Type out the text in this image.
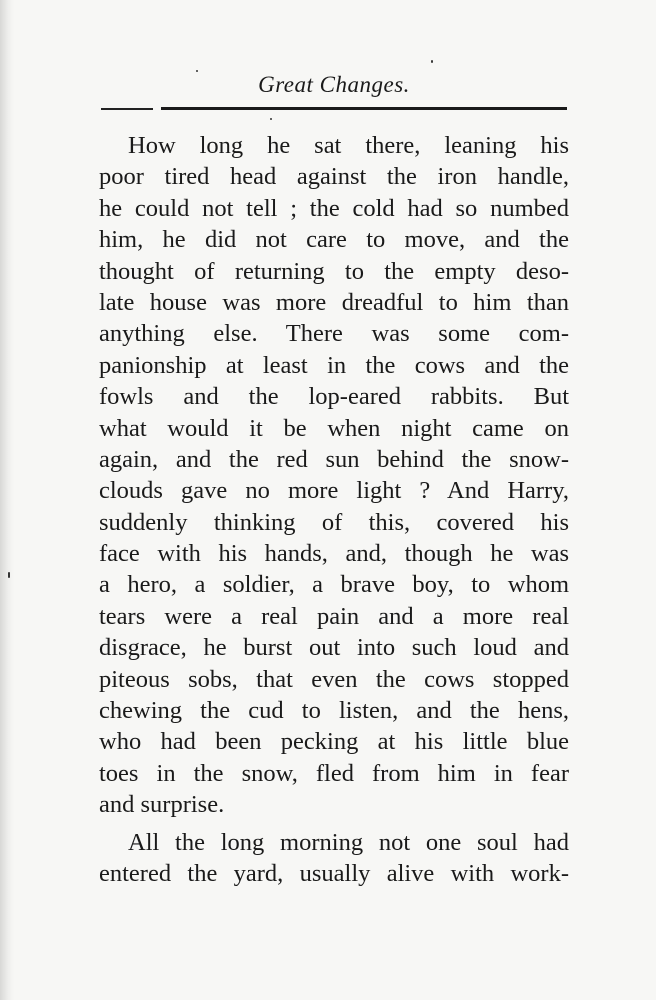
Great Changes.
How long he sat there, leaning his
poor tired head against the iron handle,
he could not tell ; the cold had so numbed
him, he did not care to move, and the
thought of returning to the empty deso-
late house was more dreadful to him than
anything else. There was some com-
panionship at least in the cows and the
fowls and the lop-eared rabbits. But
what would it be when night came on
again, and the red sun behind the snow-
clouds gave no more light ? And Harry,
suddenly thinking of this, covered his
face with his hands, and, though he was
a hero, a soldier, a brave boy, to whom
tears were a real pain and a more real
disgrace, he burst out into such loud and
piteous sobs, that even the cows stopped
chewing the cud to listen, and the hens,
who had been pecking at his little blue
toes in the snow, fled from him in fear
and surprise.
All the long morning not one soul had
entered the yard, usually alive with work-
